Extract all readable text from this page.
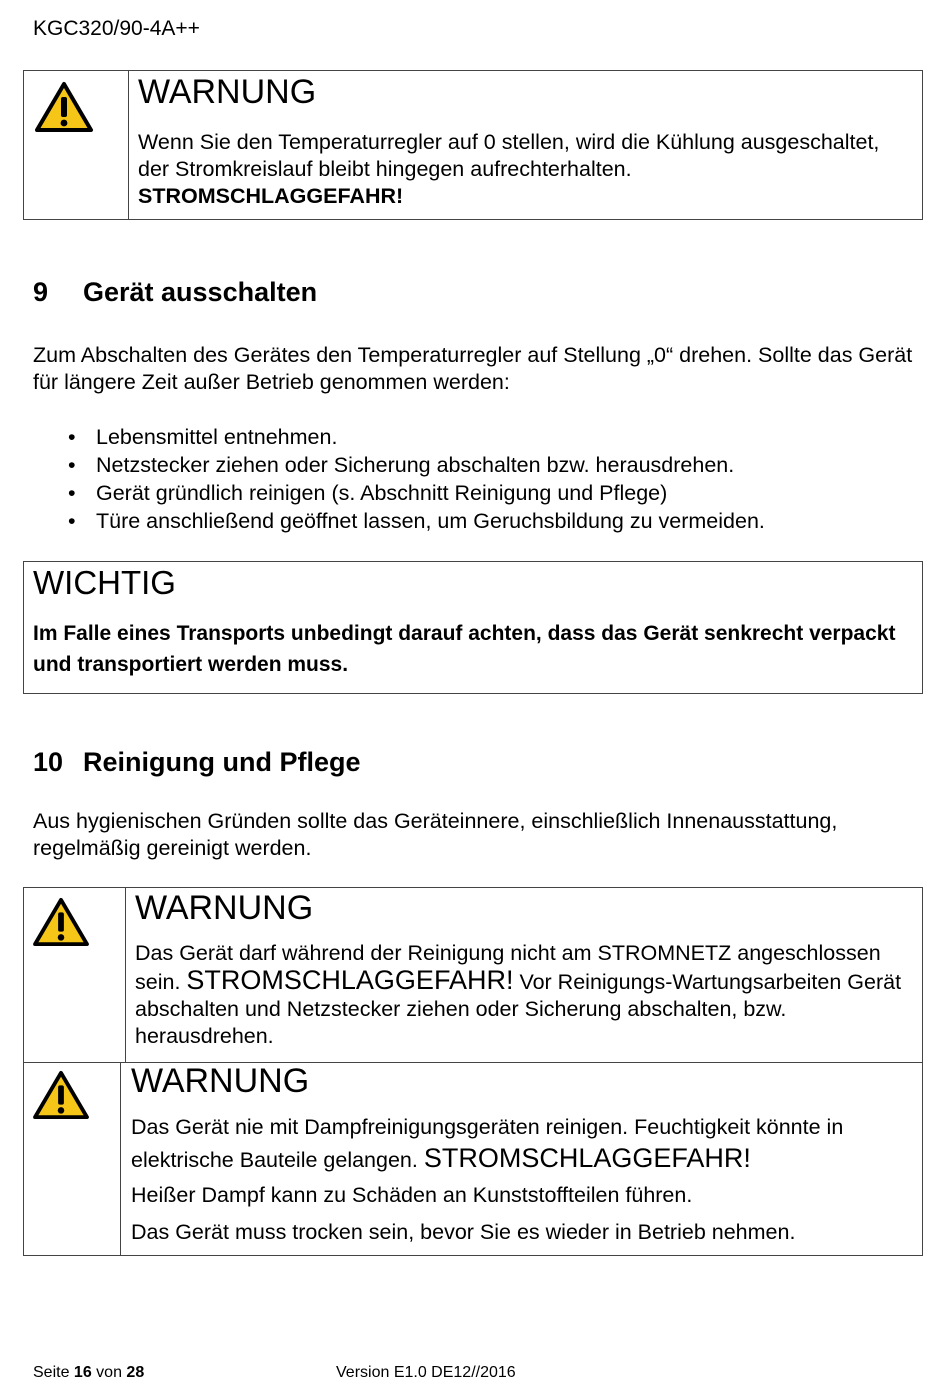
KGC320/90-4A++
WARNUNG
Wenn Sie den Temperaturregler auf 0 stellen, wird die Kühlung ausgeschaltet, der Stromkreislauf bleibt hingegen aufrechterhalten.
STROMSCHLAGGEFAHR!
9 Gerät ausschalten
Zum Abschalten des Gerätes den Temperaturregler auf Stellung „0“ drehen. Sollte das Gerät für längere Zeit außer Betrieb genommen werden:
• Lebensmittel entnehmen.
• Netzstecker ziehen oder Sicherung abschalten bzw. herausdrehen.
• Gerät gründlich reinigen (s. Abschnitt Reinigung und Pflege)
• Türe anschließend geöffnet lassen, um Geruchsbildung zu vermeiden.
WICHTIG
Im Falle eines Transports unbedingt darauf achten, dass das Gerät senkrecht verpackt und transportiert werden muss.
10 Reinigung und Pflege
Aus hygienischen Gründen sollte das Geräteinnere, einschließlich Innenausstattung, regelmäßig gereinigt werden.
WARNUNG
Das Gerät darf während der Reinigung nicht am STROMNETZ angeschlossen sein. STROMSCHLAGGEFAHR! Vor Reinigungs-Wartungsarbeiten Gerät abschalten und Netzstecker ziehen oder Sicherung abschalten, bzw. herausdrehen.
WARNUNG
Das Gerät nie mit Dampfreinigungsgeräten reinigen. Feuchtigkeit könnte in elektrische Bauteile gelangen. STROMSCHLAGGEFAHR!
Heißer Dampf kann zu Schäden an Kunststoffteilen führen.
Das Gerät muss trocken sein, bevor Sie es wieder in Betrieb nehmen.
Seite 16 von 28	Version E1.0 DE12//2016
